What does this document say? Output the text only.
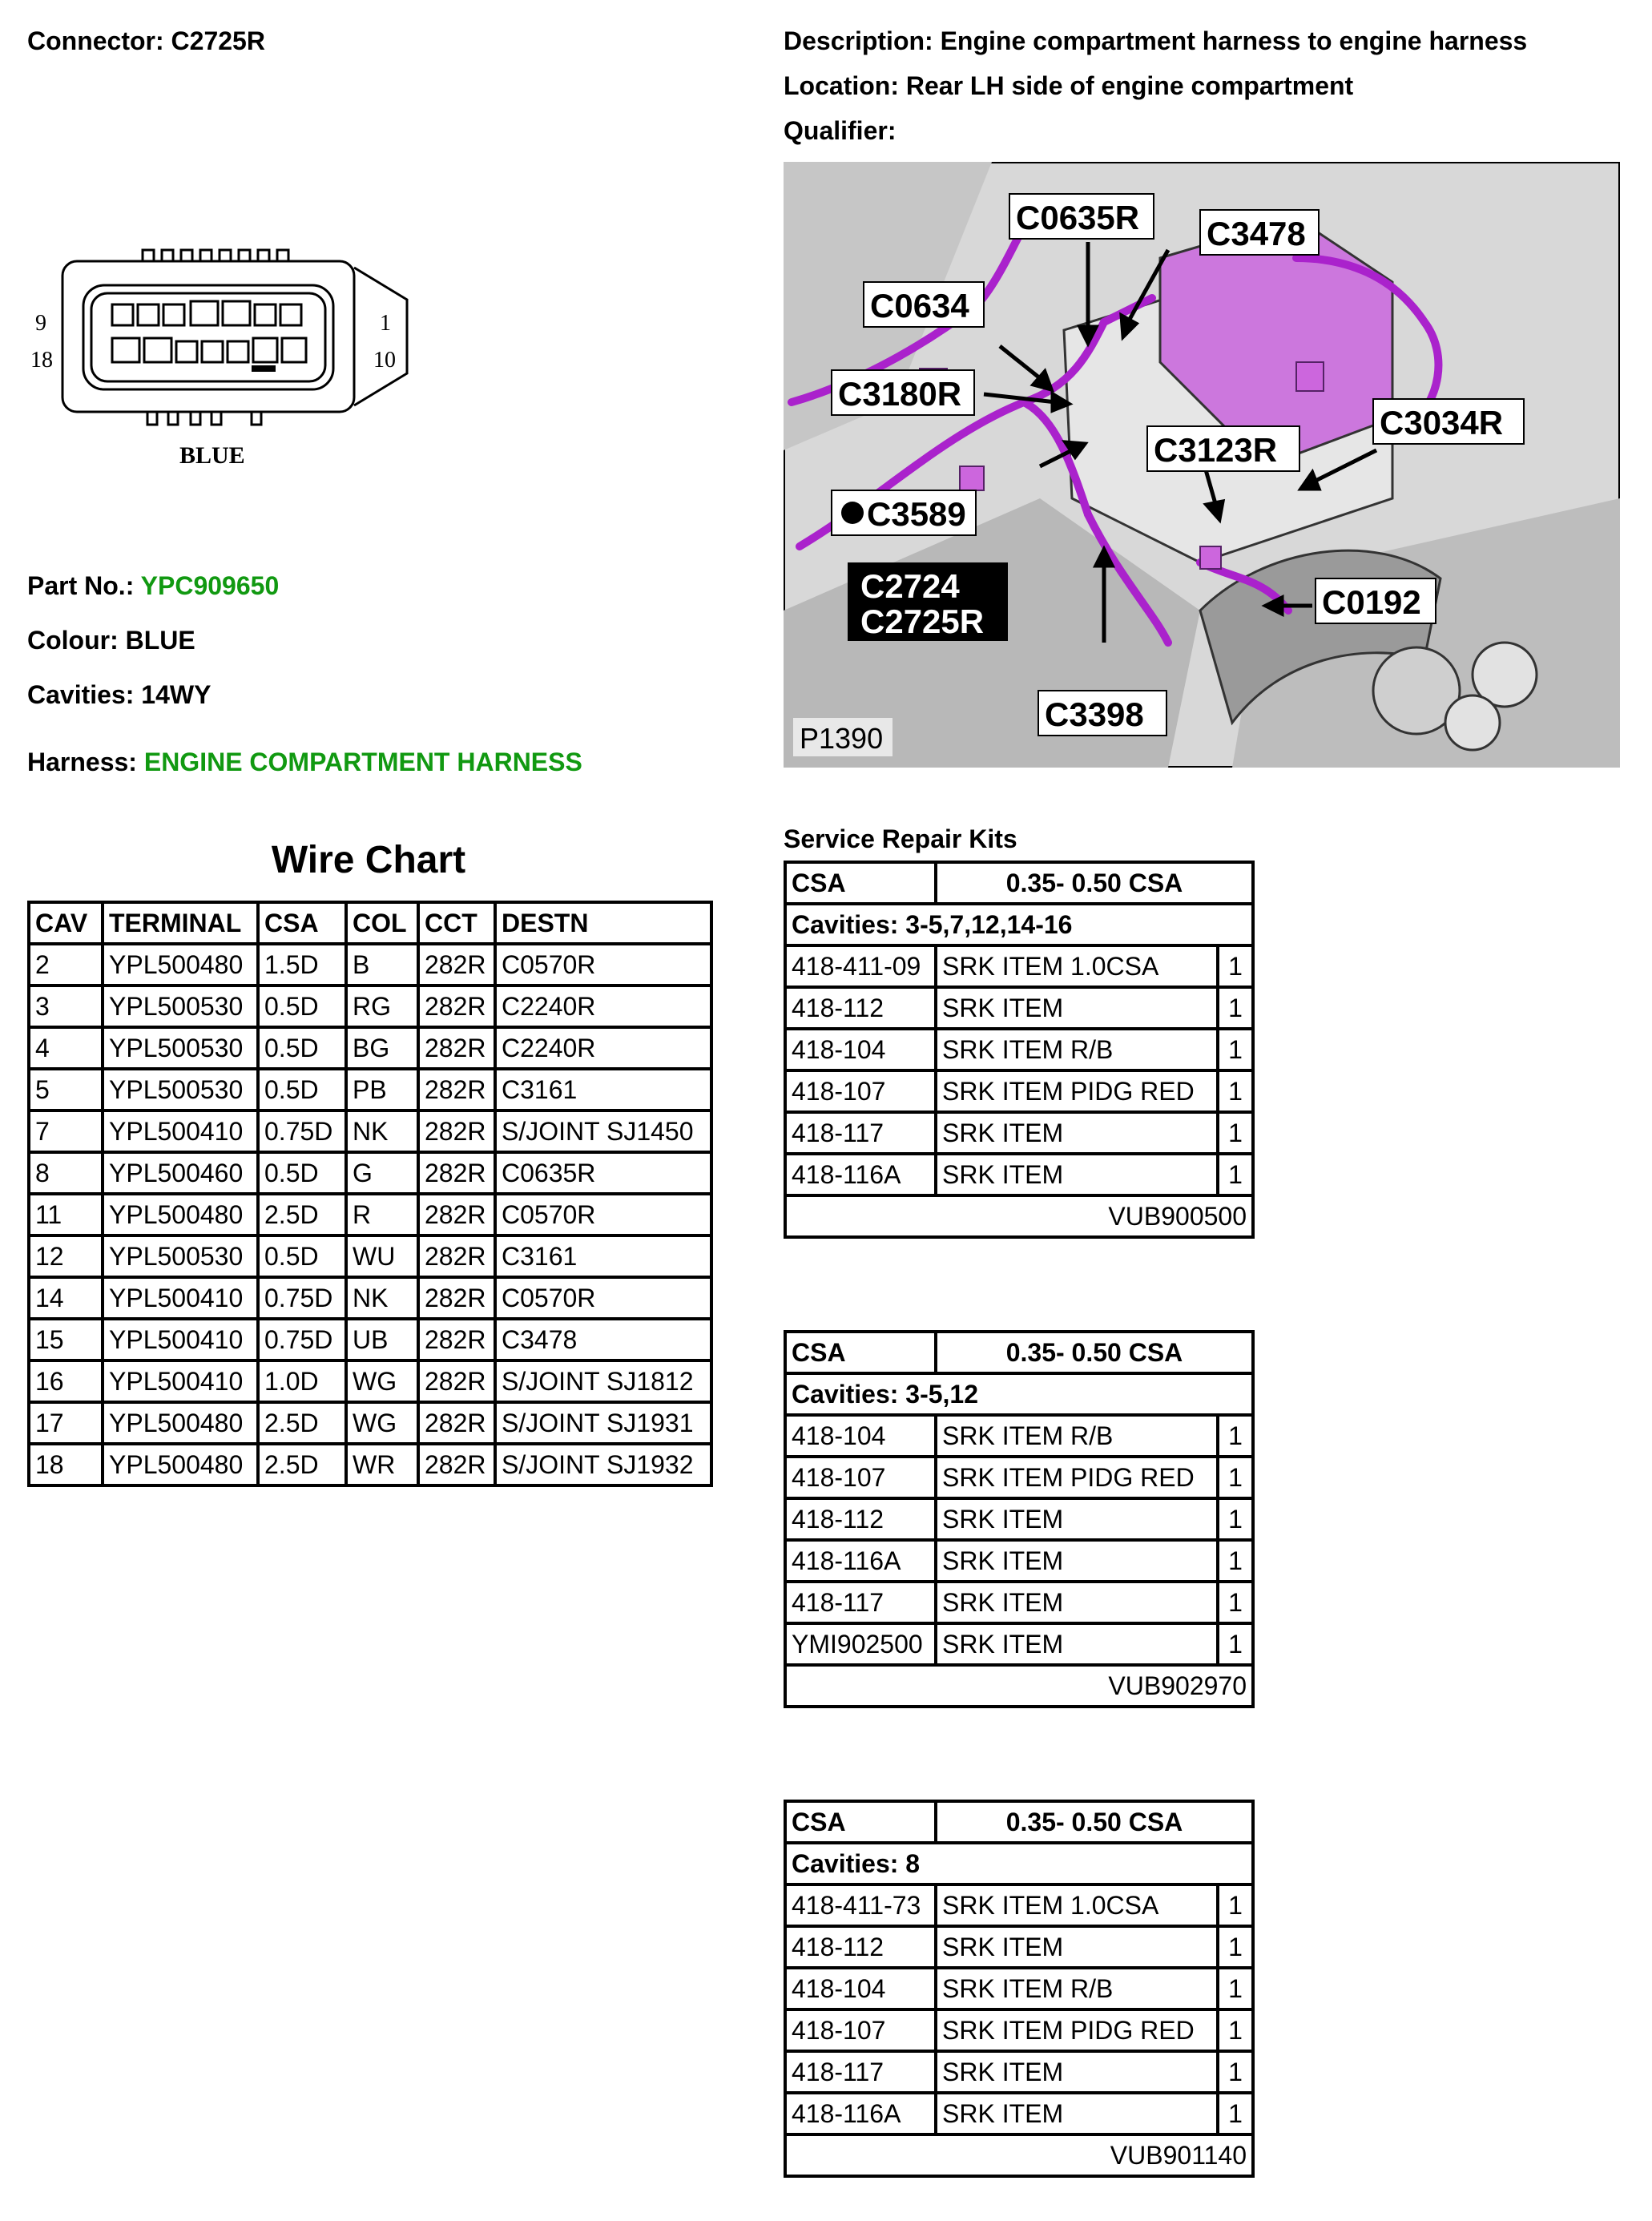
Connector: C2725R	Description: Engine compartment harness to engine harness
Location: Rear LH side of engine compartment
Qualifier:
9
18
1
10
BLUE
Part No.: YPC909650
Colour: BLUE
Cavities: 14WY
Harness: ENGINE COMPARTMENT HARNESS
C0635R C3478
C0634
C3180R
C3034R
C3123R
C3589
C2724
C2725R
C0192
C3398
P1390
Wire Chart
CAV	TERMINAL	CSA	COL	CCT	DESTN
2	YPL500480	1.5D	B	282R	C0570R
3	YPL500530	0.5D	RG	282R	C2240R
4	YPL500530	0.5D	BG	282R	C2240R
5	YPL500530	0.5D	PB	282R	C3161
7	YPL500410	0.75D	NK	282R	S/JOINT SJ1450
8	YPL500460	0.5D	G	282R	C0635R
11	YPL500480	2.5D	R	282R	C0570R
12	YPL500530	0.5D	WU	282R	C3161
14	YPL500410	0.75D	NK	282R	C0570R
15	YPL500410	0.75D	UB	282R	C3478
16	YPL500410	1.0D	WG	282R	S/JOINT SJ1812
17	YPL500480	2.5D	WG	282R	S/JOINT SJ1931
18	YPL500480	2.5D	WR	282R	S/JOINT SJ1932
Service Repair Kits
CSA	0.35- 0.50 CSA	
Cavities: 3-5,7,12,14-16		
418-411-09	SRK ITEM 1.0CSA	1
418-112	SRK ITEM	1
418-104	SRK ITEM R/B	1
418-107	SRK ITEM PIDG RED	1
418-117	SRK ITEM	1
418-116A	SRK ITEM	1
VUB900500		
CSA	0.35- 0.50 CSA	
Cavities: 3-5,12		
418-104	SRK ITEM R/B	1
418-107	SRK ITEM PIDG RED	1
418-112	SRK ITEM	1
418-116A	SRK ITEM	1
418-117	SRK ITEM	1
YMI902500	SRK ITEM	1
VUB902970		
CSA	0.35- 0.50 CSA	
Cavities: 8		
418-411-73	SRK ITEM 1.0CSA	1
418-112	SRK ITEM	1
418-104	SRK ITEM R/B	1
418-107	SRK ITEM PIDG RED	1
418-117	SRK ITEM	1
418-116A	SRK ITEM	1
VUB901140		
